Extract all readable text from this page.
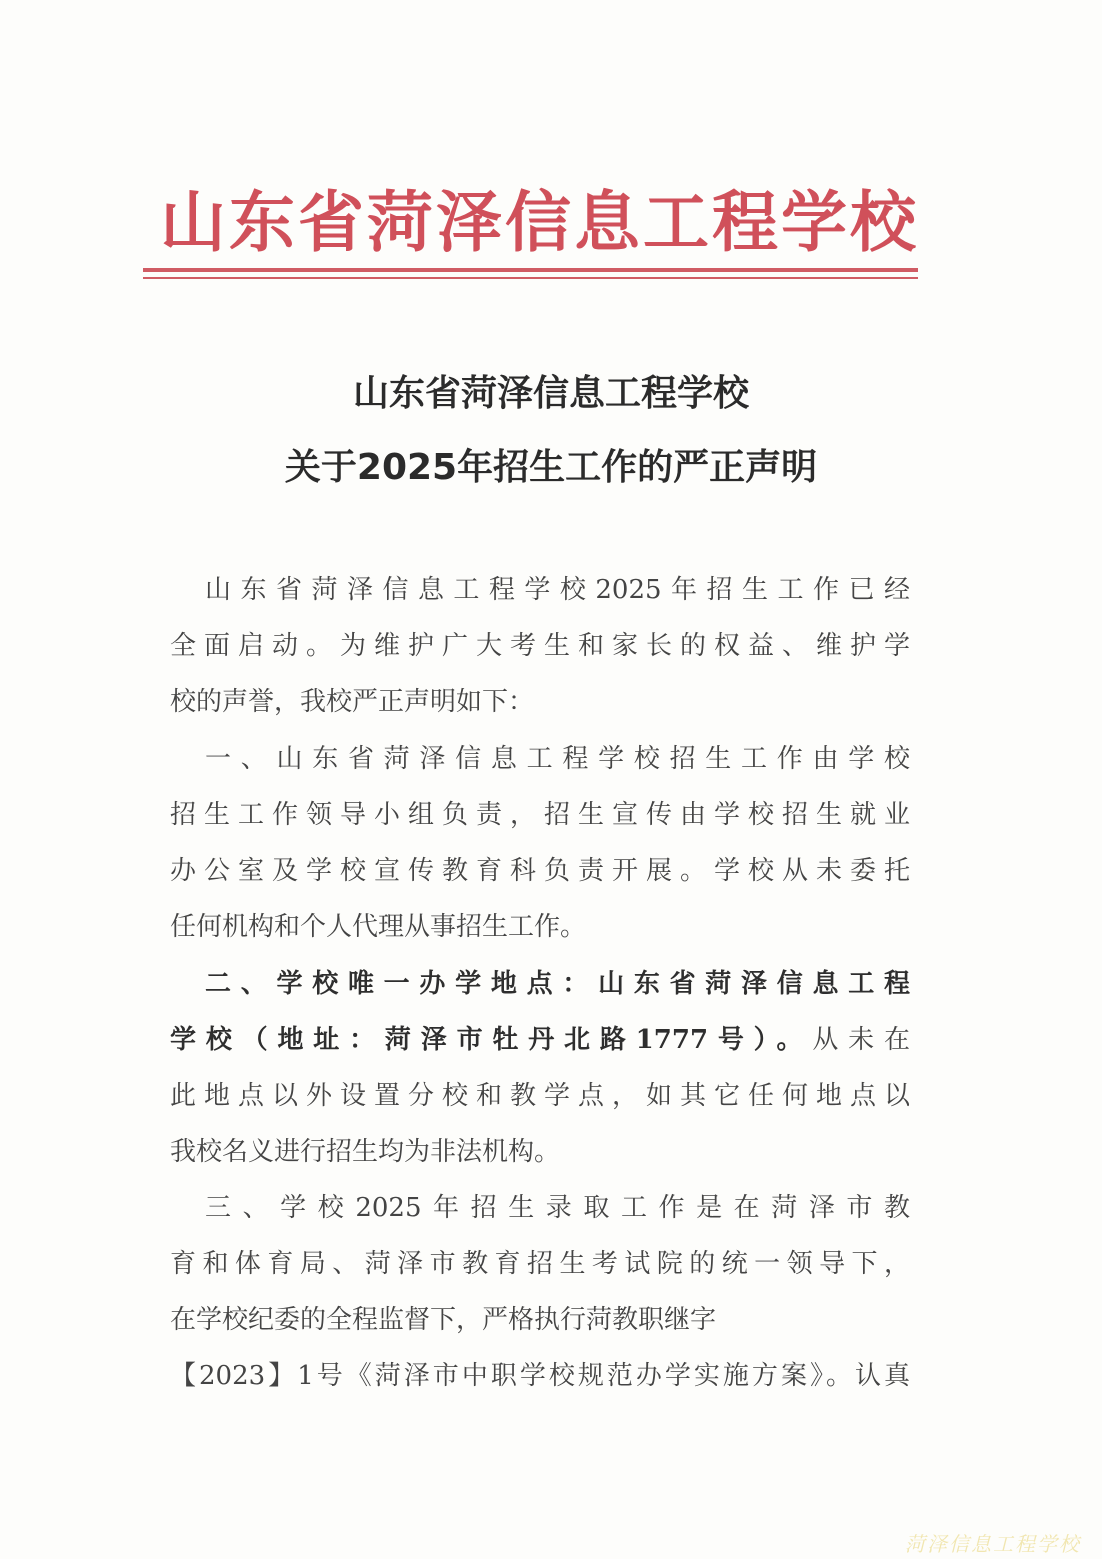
山东省菏泽信息工程学校
山东省菏泽信息工程学校
关于2025年招生工作的严正声明
山东省菏泽信息工程学校2025年招生工作已经
全面启动。为维护广大考生和家长的权益、维护学
校的声誉，我校严正声明如下：
一、山东省菏泽信息工程学校招生工作由学校
招生工作领导小组负责，招生宣传由学校招生就业
办公室及学校宣传教育科负责开展。学校从未委托
任何机构和个人代理从事招生工作。
二、学校唯一办学地点：山东省菏泽信息工程
学校（地址：菏泽市牡丹北路1777号）。从未在
此地点以外设置分校和教学点，如其它任何地点以
我校名义进行招生均为非法机构。
三、学校2025年招生录取工作是在菏泽市教
育和体育局、菏泽市教育招生考试院的统一领导下，
在学校纪委的全程监督下，严格执行菏教职继字
【2023】1号《菏泽市中职学校规范办学实施方案》。认真
菏泽信息工程学校
